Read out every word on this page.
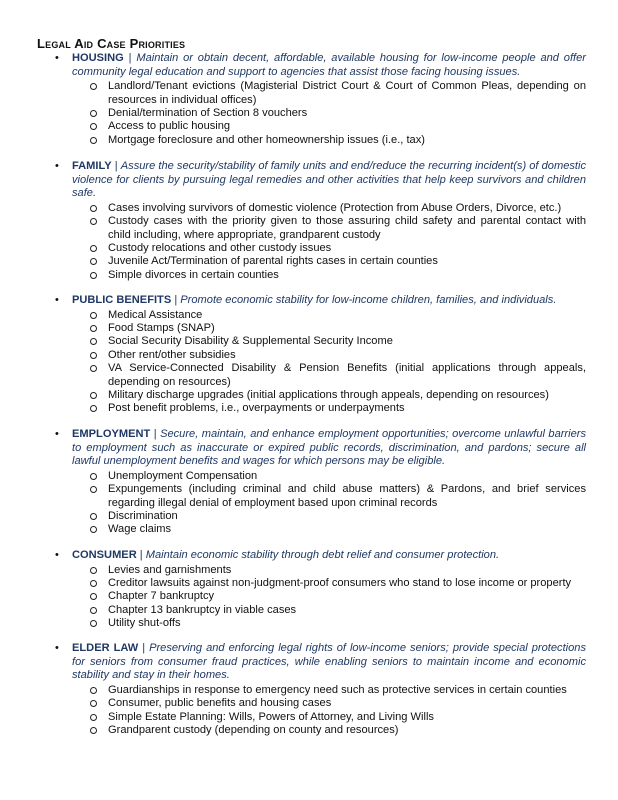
Legal Aid Case Priorities
• HOUSING | Maintain or obtain decent, affordable, available housing for low-income people and offer community legal education and support to agencies that assist those facing housing issues.
Landlord/Tenant evictions (Magisterial District Court & Court of Common Pleas, depending on resources in individual offices)
Denial/termination of Section 8 vouchers
Access to public housing
Mortgage foreclosure and other homeownership issues (i.e., tax)
• FAMILY | Assure the security/stability of family units and end/reduce the recurring incident(s) of domestic violence for clients by pursuing legal remedies and other activities that help keep survivors and children safe.
Cases involving survivors of domestic violence (Protection from Abuse Orders, Divorce, etc.)
Custody cases with the priority given to those assuring child safety and parental contact with child including, where appropriate, grandparent custody
Custody relocations and other custody issues
Juvenile Act/Termination of parental rights cases in certain counties
Simple divorces in certain counties
• PUBLIC BENEFITS | Promote economic stability for low-income children, families, and individuals.
Medical Assistance
Food Stamps (SNAP)
Social Security Disability & Supplemental Security Income
Other rent/other subsidies
VA Service-Connected Disability & Pension Benefits (initial applications through appeals, depending on resources)
Military discharge upgrades (initial applications through appeals, depending on resources)
Post benefit problems, i.e., overpayments or underpayments
• EMPLOYMENT | Secure, maintain, and enhance employment opportunities; overcome unlawful barriers to employment such as inaccurate or expired public records, discrimination, and pardons; secure all lawful unemployment benefits and wages for which persons may be eligible.
Unemployment Compensation
Expungements (including criminal and child abuse matters) & Pardons, and brief services regarding illegal denial of employment based upon criminal records
Discrimination
Wage claims
• CONSUMER | Maintain economic stability through debt relief and consumer protection.
Levies and garnishments
Creditor lawsuits against non-judgment-proof consumers who stand to lose income or property
Chapter 7 bankruptcy
Chapter 13 bankruptcy in viable cases
Utility shut-offs
• ELDER LAW | Preserving and enforcing legal rights of low-income seniors; provide special protections for seniors from consumer fraud practices, while enabling seniors to maintain income and economic stability and stay in their homes.
Guardianships in response to emergency need such as protective services in certain counties
Consumer, public benefits and housing cases
Simple Estate Planning: Wills, Powers of Attorney, and Living Wills
Grandparent custody (depending on county and resources)
